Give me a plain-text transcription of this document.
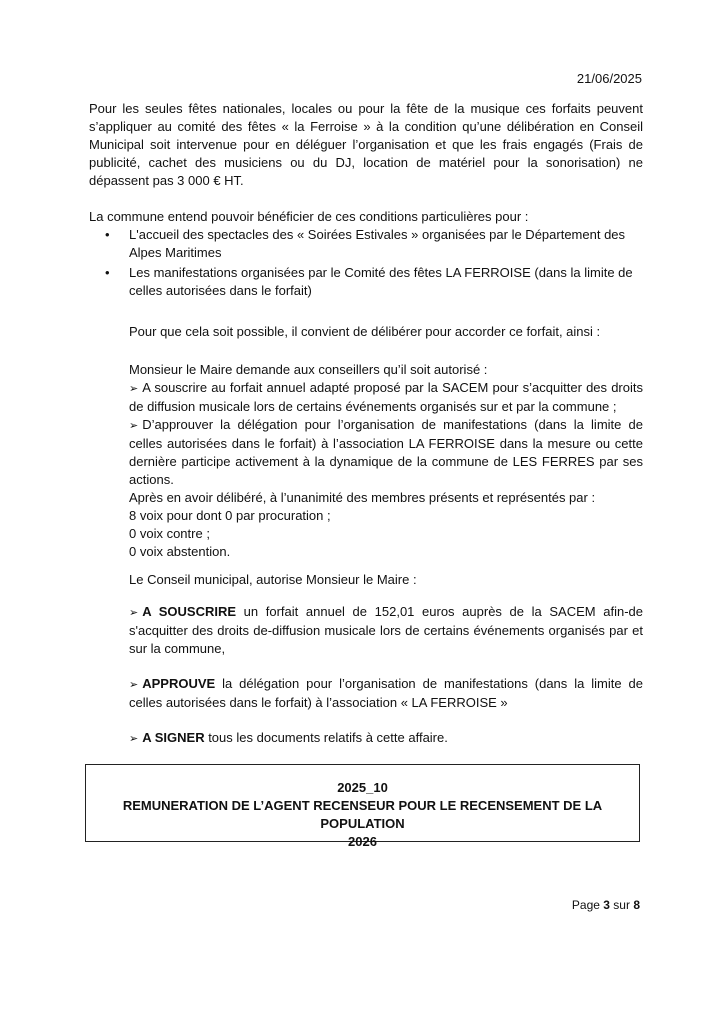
21/06/2025

Pour les seules fêtes nationales, locales ou pour la fête de la musique ces forfaits peuvent s’appliquer au comité des fêtes « la Ferroise » à la condition qu’une délibération en Conseil Municipal soit intervenue pour en déléguer l’organisation et que les frais engagés (Frais de publicité, cachet des musiciens ou du DJ, location de matériel pour la sonorisation) ne dépassent pas 3 000 € HT.

La commune entend pouvoir bénéficier de ces conditions particulières pour :

• L'accueil des spectacles des « Soirées Estivales » organisées par le Département des Alpes Maritimes
• Les manifestations organisées par le Comité des fêtes LA FERROISE (dans la limite de celles autorisées dans le forfait)

Pour que cela soit possible, il convient de délibérer pour accorder ce forfait, ainsi :

Monsieur le Maire demande aux conseillers qu’il soit autorisé :
➢ A souscrire au forfait annuel adapté proposé par la SACEM pour s’acquitter des droits de diffusion musicale lors de certains événements organisés sur et par la commune ;
➢ D’approuver la délégation pour l’organisation de manifestations (dans la limite de celles autorisées dans le forfait) à l’association LA FERROISE dans la mesure ou cette dernière participe activement à la dynamique de la commune de LES FERRES par ses actions.
Après en avoir délibéré, à l’unanimité des membres présents et représentés par :
8 voix pour dont 0 par procuration ;
0 voix contre ;
0 voix abstention.

Le Conseil municipal, autorise Monsieur le Maire :

➢ A SOUSCRIRE un forfait annuel de 152,01 euros auprès de la SACEM afin-de s'acquitter des droits de-diffusion musicale lors de certains événements organisés par et sur la commune,

➢ APPROUVE la délégation pour l’organisation de manifestations (dans la limite de celles autorisées dans le forfait) à l’association « LA FERROISE »

➢ A SIGNER tous les documents relatifs à cette affaire.

2025_10
REMUNERATION DE L’AGENT RECENSEUR POUR LE RECENSEMENT DE LA POPULATION
2026
Page 3 sur 8
